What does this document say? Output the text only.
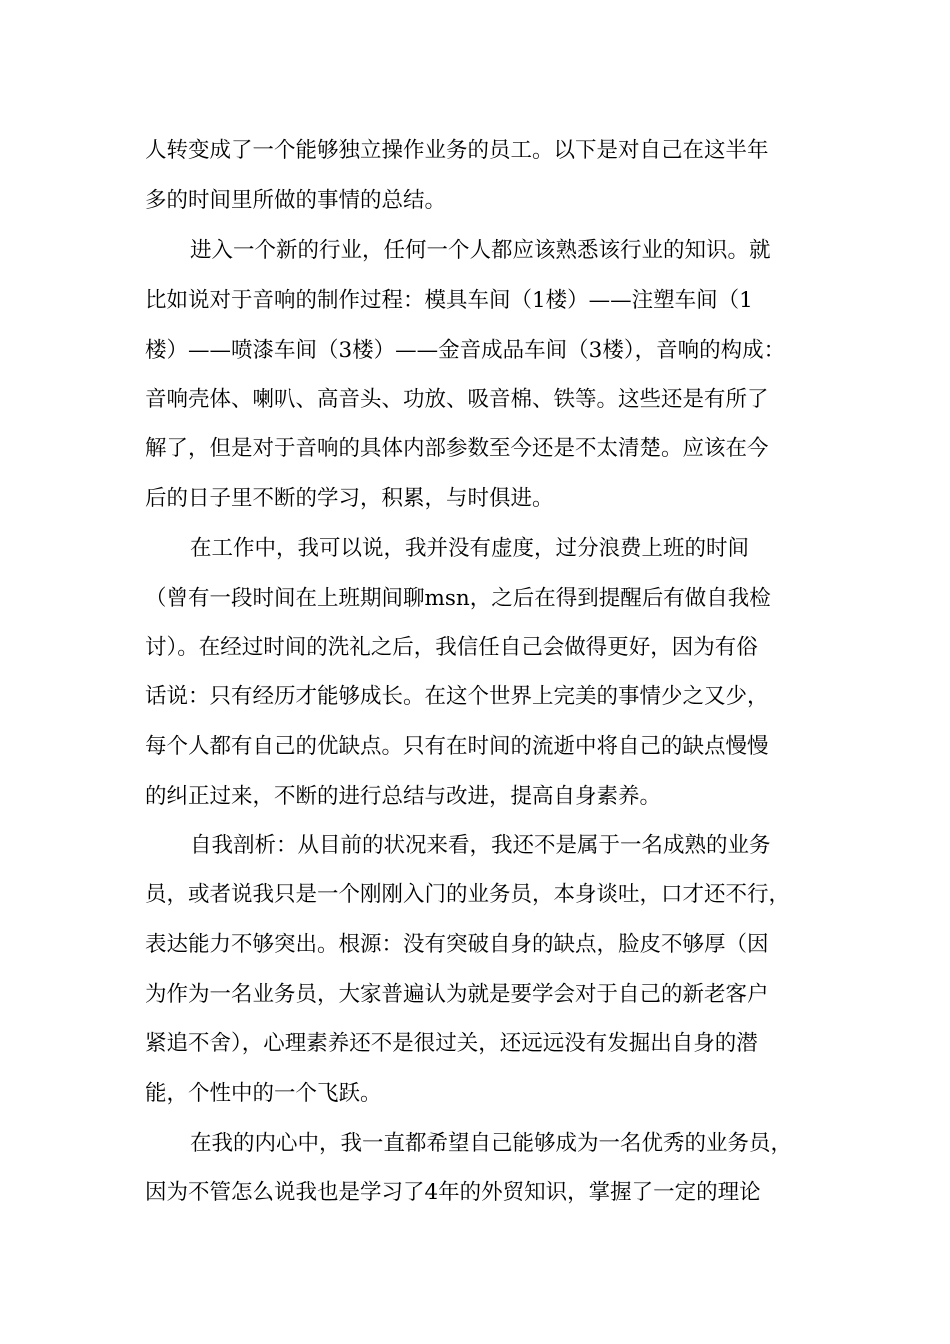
人转变成了一个能够独立操作业务的员工。以下是对自己在这半年
多的时间里所做的事情的总结。
进入一个新的行业，任何一个人都应该熟悉该行业的知识。就
比如说对于音响的制作过程：模具车间（1楼）——注塑车间（1
楼）——喷漆车间（3楼）——金音成品车间（3楼），音响的构成：
音响壳体、喇叭、高音头、功放、吸音棉、铁等。这些还是有所了
解了，但是对于音响的具体内部参数至今还是不太清楚。应该在今
后的日子里不断的学习，积累，与时俱进。
在工作中，我可以说，我并没有虚度，过分浪费上班的时间
（曾有一段时间在上班期间聊msn，之后在得到提醒后有做自我检
讨）。在经过时间的洗礼之后，我信任自己会做得更好，因为有俗
话说：只有经历才能够成长。在这个世界上完美的事情少之又少，
每个人都有自己的优缺点。只有在时间的流逝中将自己的缺点慢慢
的纠正过来，不断的进行总结与改进，提高自身素养。
自我剖析：从目前的状况来看，我还不是属于一名成熟的业务
员，或者说我只是一个刚刚入门的业务员，本身谈吐，口才还不行，
表达能力不够突出。根源：没有突破自身的缺点，脸皮不够厚（因
为作为一名业务员，大家普遍认为就是要学会对于自己的新老客户
紧追不舍），心理素养还不是很过关，还远远没有发掘出自身的潜
能，个性中的一个飞跃。
在我的内心中，我一直都希望自己能够成为一名优秀的业务员，
因为不管怎么说我也是学习了4年的外贸知识，掌握了一定的理论
